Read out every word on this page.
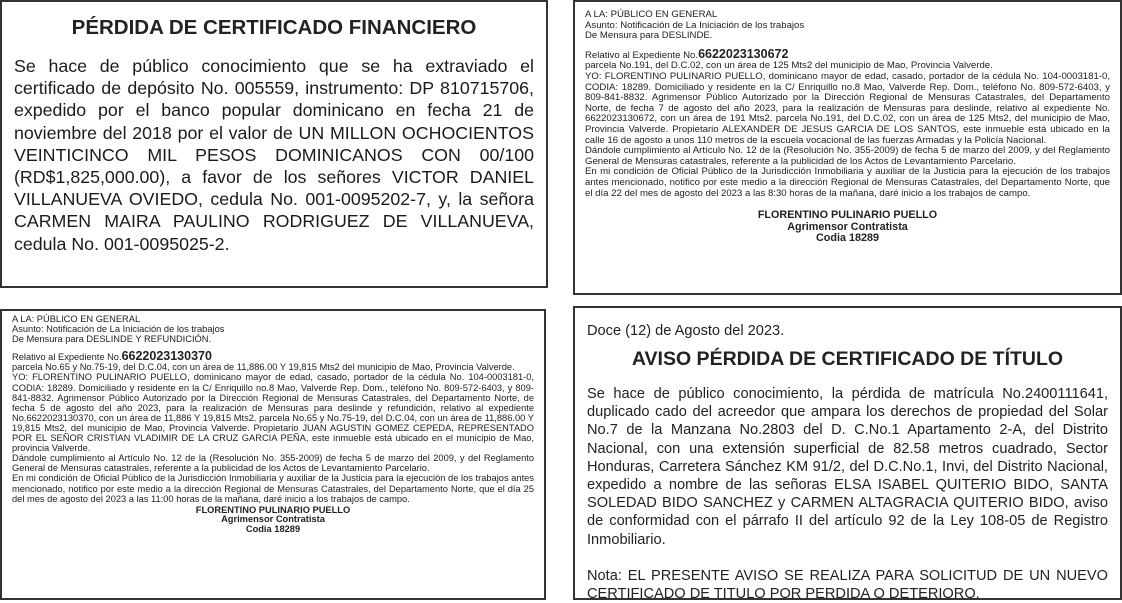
PÉRDIDA DE CERTIFICADO FINANCIERO

Se hace de público conocimiento que se ha extraviado el certificado de depósito No. 005559, instrumento: DP 810715706, expedido por el banco popular dominicano en fecha 21 de noviembre del 2018 por el valor de UN MILLON OCHOCIENTOS VEINTICINCO MIL PESOS DOMINICANOS CON 00/100 (RD$1,825,000.00), a favor de los señores VICTOR DANIEL VILLANUEVA OVIEDO, cedula No. 001-0095202-7, y, la señora CARMEN MAIRA PAULINO RODRIGUEZ DE VILLANUEVA, cedula No. 001-0095025-2.

A LA: PÚBLICO EN GENERAL

Asunto: Notificación de La Iniciación de los trabajos

De Mensura para DESLINDE.

Relativo al Expediente No.6622023130672

parcela No.191, del D.C.02, con un área de 125 Mts2 del municipio de Mao, Provincia Valverde.

YO: FLORENTINO PULINARIO PUELLO, dominicano mayor de edad, casado, portador de la cédula No. 104-0003181-0, CODIA: 18289. Domiciliado y residente en la C/ Enriquillo no.8 Mao, Valverde Rep. Dom., teléfono No. 809-572-6403, y 809-841-8832. Agrimensor Público Autorizado por la Dirección Regional de Mensuras Catastrales, del Departamento Norte, de fecha 7 de agosto del año 2023, para la realización de Mensuras para deslinde, relativo al expediente No. 6622023130672, con un área de 191 Mts2. parcela No.191, del D.C.02, con un área de 125 Mts2, del municipio de Mao, Provincia Valverde. Propietario ALEXANDER DE JESUS GARCIA DE LOS SANTOS, este inmueble está ubicado en la calle 16 de agosto a unos 110 metros de la escuela vocacional de las fuerzas Armadas y la Policía Nacional.

Dándole cumplimiento al Artículo No. 12 de la (Resolución No. 355-2009) de fecha 5 de marzo del 2009, y del Reglamento General de Mensuras catastrales, referente a la publicidad de los Actos de Levantamiento Parcelario.

En mi condición de Oficial Público de la Jurisdicción Inmobiliaria y auxiliar de la Justicia para la ejecución de los trabajos antes mencionado, notifico por este medio a la dirección Regional de Mensuras Catastrales, del Departamento Norte, que el día 22 del mes de agosto del 2023 a las 8:30 horas de la mañana, daré inicio a los trabajos de campo.

FLORENTINO PULINARIO PUELLO
Agrimensor Contratista
Codia 18289

A LA: PÚBLICO EN GENERAL

Asunto: Notificación de La Iniciación de los trabajos

De Mensura para DESLINDE Y REFUNDICIÓN.

Relativo al Expediente No.6622023130370

parcela No.65 y No.75-19, del D.C.04, con un área de 11,886.00 Y 19,815 Mts2 del municipio de Mao, Provincia Valverde.

YO: FLORENTINO PULINARIO PUELLO, dominicano mayor de edad, casado, portador de la cédula No. 104-0003181-0, CODIA: 18289. Domiciliado y residente en la C/ Enriquillo no.8 Mao, Valverde Rep. Dom., teléfono No. 809-572-6403, y 809-841-8832. Agrimensor Público Autorizado por la Dirección Regional de Mensuras Catastrales, del Departamento Norte, de fecha 5 de agosto del año 2023, para la realización de Mensuras para deslinde y refundición, relativo al expediente No.6622023130370, con un área de 11,886 Y 19,815 Mts2. parcela No.65 y No.75-19, del D.C.04, con un área de 11,886.00 Y 19,815 Mts2, del municipio de Mao, Provincia Valverde. Propietario JUAN AGUSTIN GOMEZ CEPEDA, REPRESENTADO POR EL SEÑOR CRISTIAN VLADIMIR DE LA CRUZ GARCIA PEÑA, este inmueble está ubicado en el municipio de Mao, provincia Valverde.

Dándole cumplimiento al Artículo No. 12 de la (Resolución No. 355-2009) de fecha 5 de marzo del 2009, y del Reglamento General de Mensuras catastrales, referente a la publicidad de los Actos de Levantamiento Parcelario.

En mi condición de Oficial Público de la Jurisdicción Inmobiliaria y auxiliar de la Justicia para la ejecución de los trabajos antes mencionado, notifico por este medio a la dirección Regional de Mensuras Catastrales, del Departamento Norte, que el día 25 del mes de agosto del 2023 a las 11:00 horas de la mañana, daré inicio a los trabajos de campo.

FLORENTINO PULINARIO PUELLO
Agrimensor Contratista
Codia 18289

Doce (12) de Agosto del 2023.

AVISO PÉRDIDA DE CERTIFICADO DE TÍTULO

Se hace de público conocimiento, la pérdida de matrícula No.2400111641, duplicado cado del acreedor que ampara los derechos de propiedad del Solar No.7 de la Manzana No.2803 del D. C.No.1 Apartamento 2-A, del Distrito Nacional, con una extensión superficial de 82.58 metros cuadrado, Sector Honduras, Carretera Sánchez KM 91/2, del D.C.No.1, Invi, del Distrito Nacional, expedido a nombre de las señoras ELSA ISABEL QUITERIO BIDO, SANTA SOLEDAD BIDO SANCHEZ y CARMEN ALTAGRACIA QUITERIO BIDO, aviso de conformidad con el párrafo II del artículo 92 de la Ley 108-05 de Registro Inmobiliario.

Nota: EL PRESENTE AVISO SE REALIZA PARA SOLICITUD DE UN NUEVO CERTIFICADO DE TITULO POR PERDIDA O DETERIORO.
